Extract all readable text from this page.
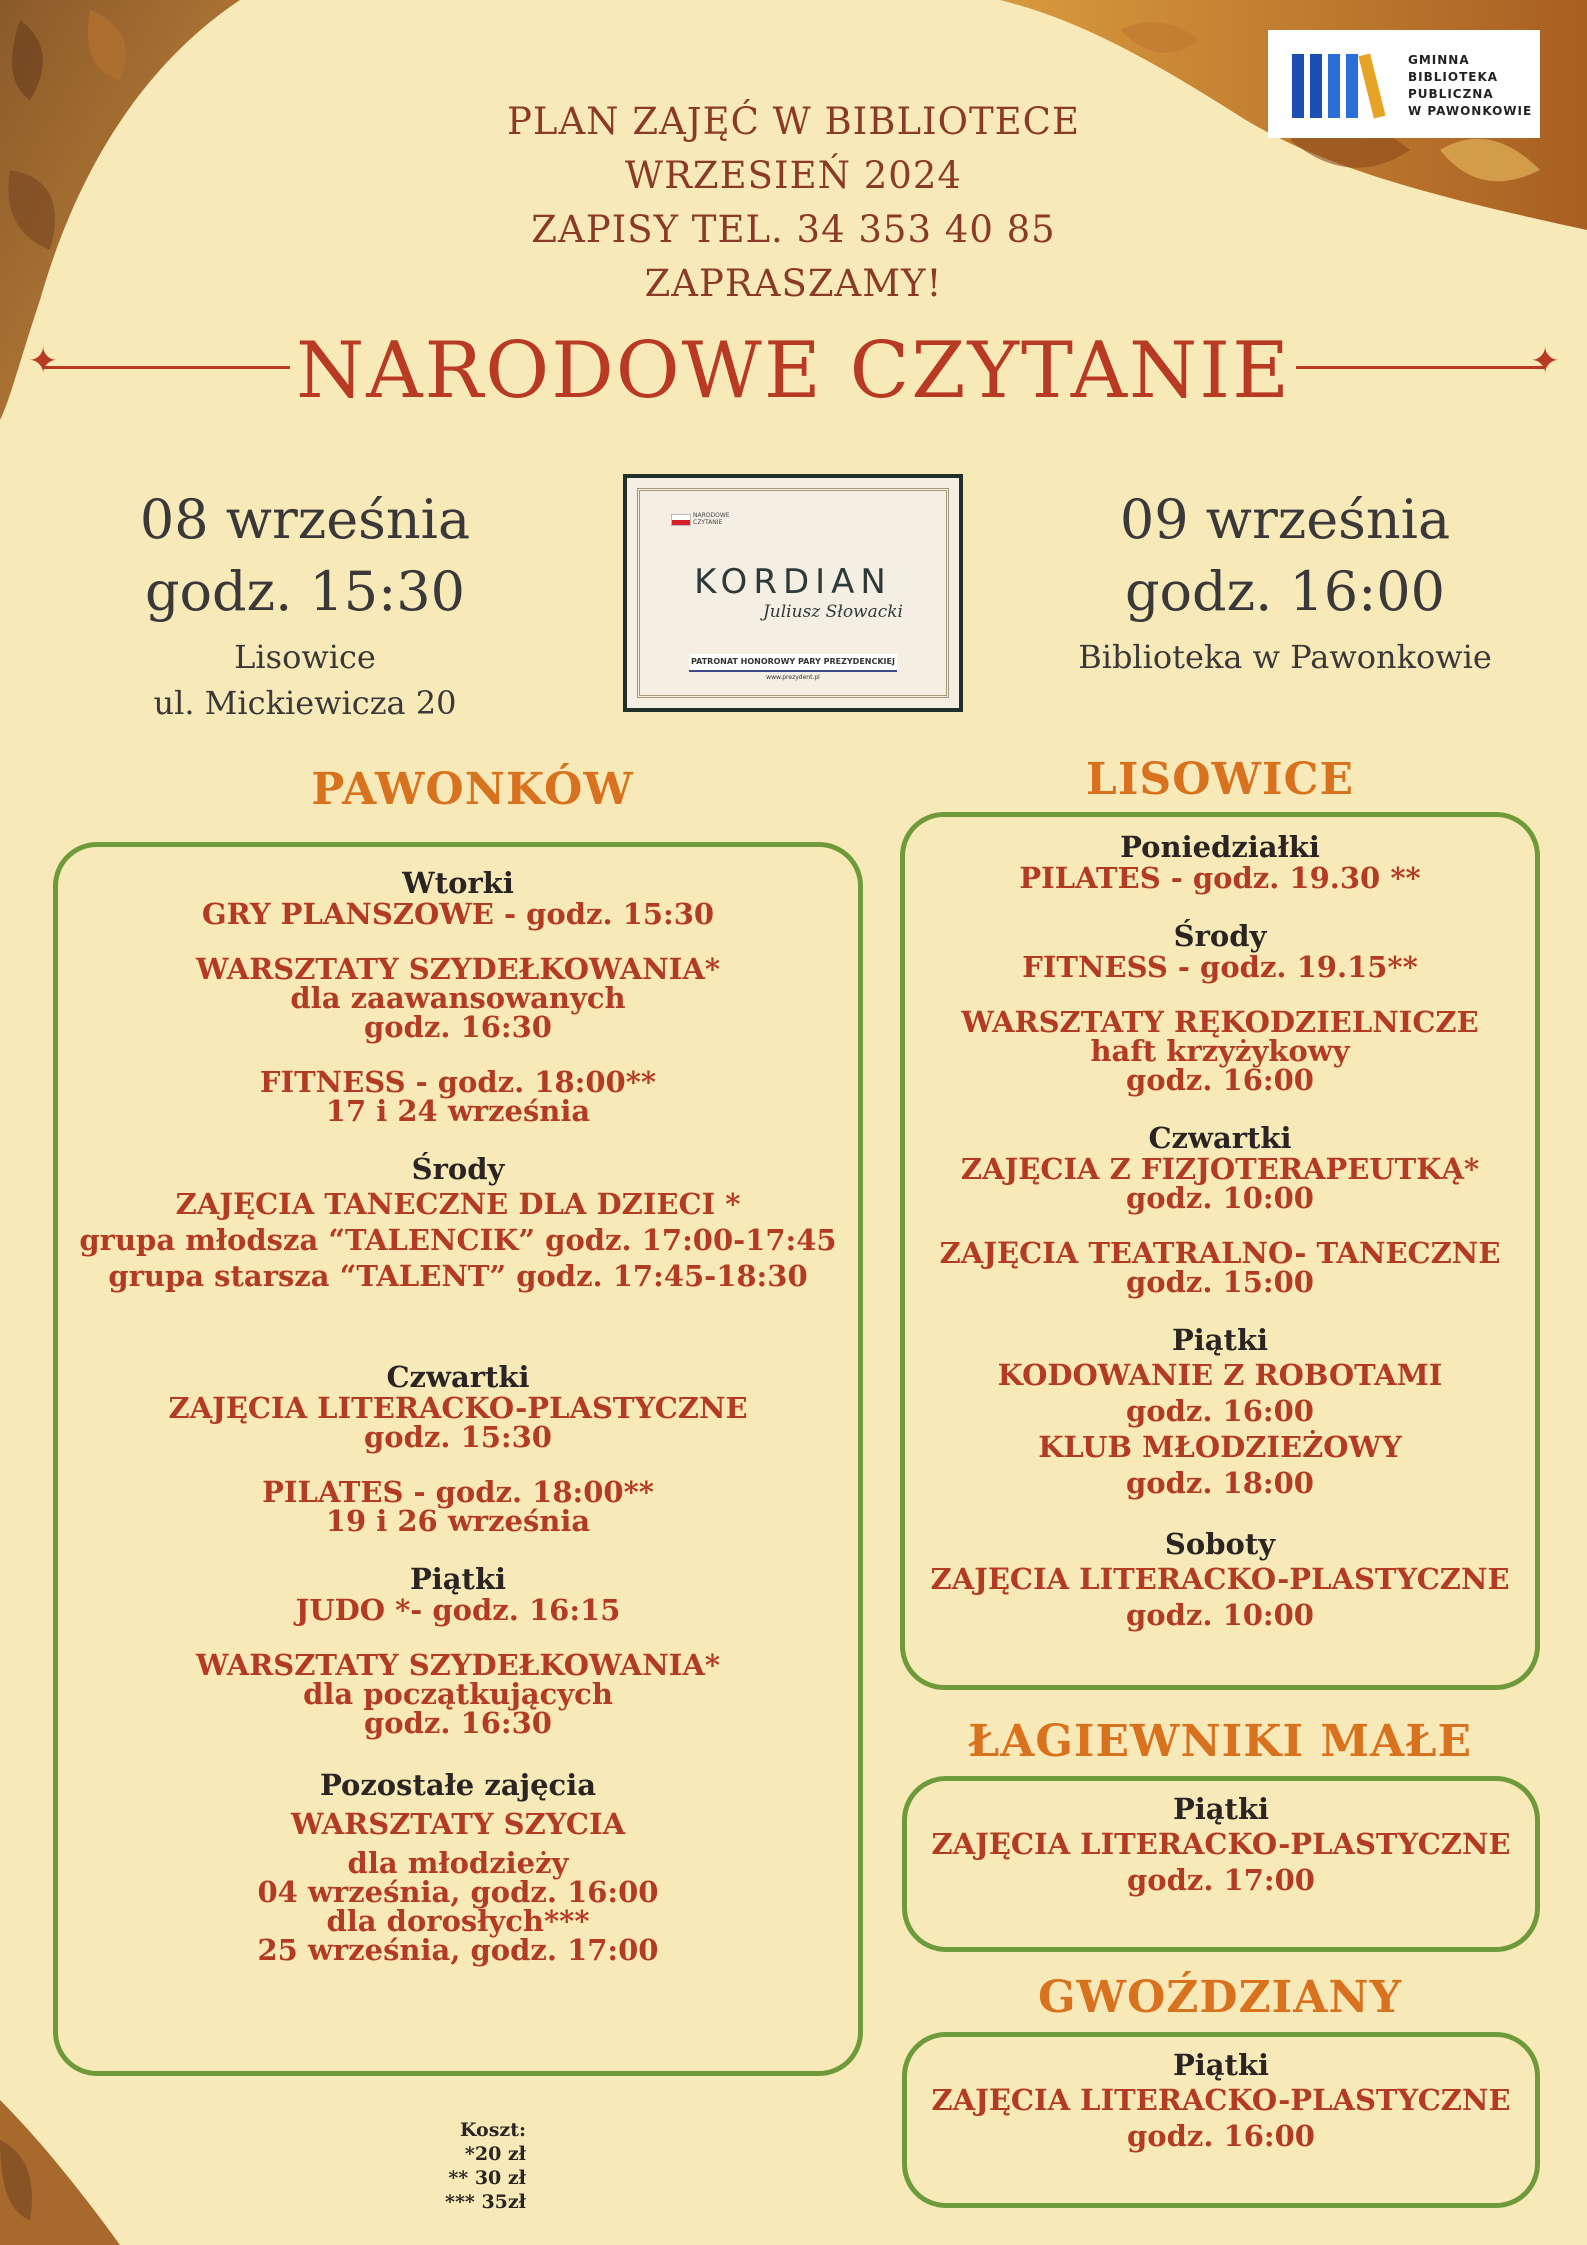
GMINNA
BIBLIOTEKA
PUBLICZNA
W PAWONKOWIE
PLAN ZAJĘĆ W BIBLIOTECE
WRZESIEŃ 2024
ZAPISY TEL. 34 353 40 85
ZAPRASZAMY!
✦	✦
NARODOWE CZYTANIE
08 września
godz. 15:30
Lisowice
ul. Mickiewicza 20
09 września
godz. 16:00
Biblioteka w Pawonkowie
NARODOWE
CZYTANIE
KORDIAN
Juliusz Słowacki
PATRONAT HONOROWY PARY PREZYDENCKIEJ
www.prezydent.pl
PAWONKÓW

Wtorki

GRY PLANSZOWE - godz. 15:30

WARSZTATY SZYDEŁKOWANIA*

dla zaawansowanych

godz. 16:30

FITNESS - godz. 18:00**

17 i 24 września

Środy

ZAJĘCIA TANECZNE DLA DZIECI *

grupa młodsza “TALENCIK” godz. 17:00-17:45

grupa starsza “TALENT” godz. 17:45-18:30

Czwartki

ZAJĘCIA LITERACKO-PLASTYCZNE

godz. 15:30

PILATES - godz. 18:00**

19 i 26 września

Piątki

JUDO *- godz. 16:15

WARSZTATY SZYDEŁKOWANIA*

dla początkujących

godz. 16:30

Pozostałe zajęcia

WARSZTATY SZYCIA

dla młodzieży

04 września, godz. 16:00

dla dorosłych***

25 września, godz. 17:00

LISOWICE

Poniedziałki

PILATES - godz. 19.30 **

Środy

FITNESS - godz. 19.15**

WARSZTATY RĘKODZIELNICZE

haft krzyżykowy

godz. 16:00

Czwartki

ZAJĘCIA Z FIZJOTERAPEUTKĄ*

godz. 10:00

ZAJĘCIA TEATRALNO- TANECZNE

godz. 15:00

Piątki

KODOWANIE Z ROBOTAMI

godz. 16:00

KLUB MŁODZIEŻOWY

godz. 18:00

Soboty

ZAJĘCIA LITERACKO-PLASTYCZNE

godz. 10:00

ŁAGIEWNIKI MAŁE

Piątki

ZAJĘCIA LITERACKO-PLASTYCZNE

godz. 17:00

GWOŹDZIANY

Piątki

ZAJĘCIA LITERACKO-PLASTYCZNE

godz. 16:00

Koszt:
*20 zł
** 30 zł
*** 35zł
